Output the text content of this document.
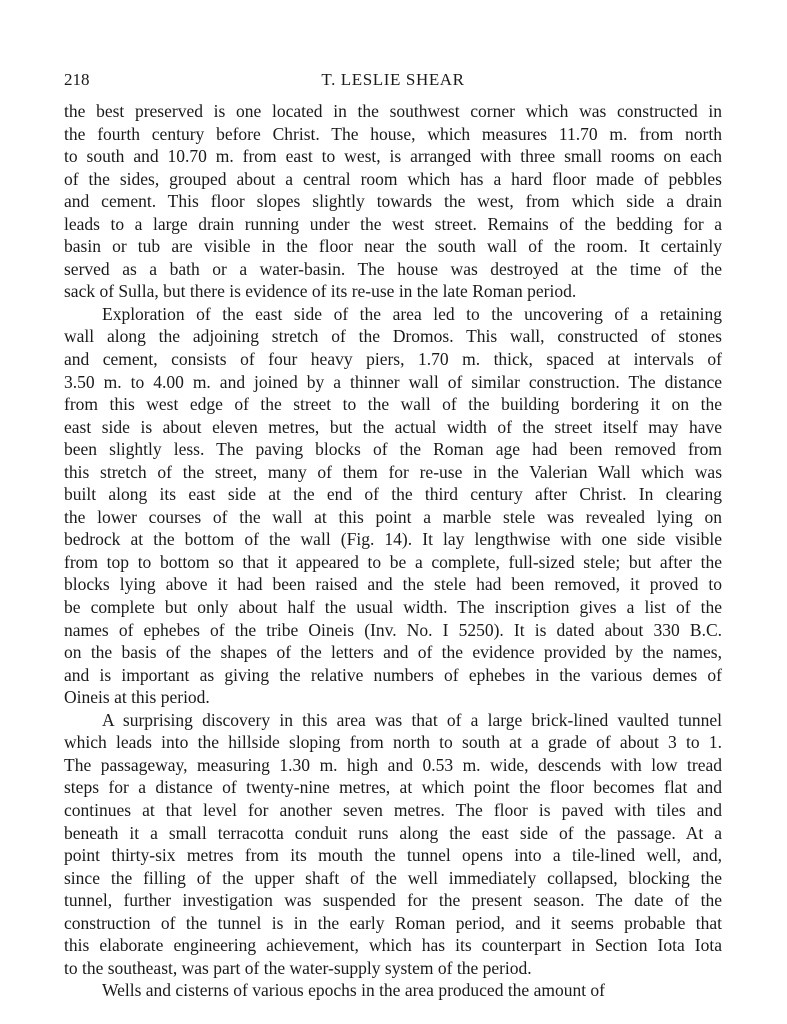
218	T. LESLIE SHEAR
the best preserved is one located in the southwest corner which was constructed in
the fourth century before Christ. The house, which measures 11.70 m. from north
to south and 10.70 m. from east to west, is arranged with three small rooms on each
of the sides, grouped about a central room which has a hard floor made of pebbles
and cement. This floor slopes slightly towards the west, from which side a drain
leads to a large drain running under the west street. Remains of the bedding for a
basin or tub are visible in the floor near the south wall of the room. It certainly
served as a bath or a water-basin. The house was destroyed at the time of the
sack of Sulla, but there is evidence of its re-use in the late Roman period.
Exploration of the east side of the area led to the uncovering of a retaining
wall along the adjoining stretch of the Dromos. This wall, constructed of stones
and cement, consists of four heavy piers, 1.70 m. thick, spaced at intervals of
3.50 m. to 4.00 m. and joined by a thinner wall of similar construction. The distance
from this west edge of the street to the wall of the building bordering it on the
east side is about eleven metres, but the actual width of the street itself may have
been slightly less. The paving blocks of the Roman age had been removed from
this stretch of the street, many of them for re-use in the Valerian Wall which was
built along its east side at the end of the third century after Christ. In clearing
the lower courses of the wall at this point a marble stele was revealed lying on
bedrock at the bottom of the wall (Fig. 14). It lay lengthwise with one side visible
from top to bottom so that it appeared to be a complete, full-sized stele; but after the
blocks lying above it had been raised and the stele had been removed, it proved to
be complete but only about half the usual width. The inscription gives a list of the
names of ephebes of the tribe Oineis (Inv. No. I 5250). It is dated about 330 B.C.
on the basis of the shapes of the letters and of the evidence provided by the names,
and is important as giving the relative numbers of ephebes in the various demes of
Oineis at this period.
A surprising discovery in this area was that of a large brick-lined vaulted tunnel
which leads into the hillside sloping from north to south at a grade of about 3 to 1.
The passageway, measuring 1.30 m. high and 0.53 m. wide, descends with low tread
steps for a distance of twenty-nine metres, at which point the floor becomes flat and
continues at that level for another seven metres. The floor is paved with tiles and
beneath it a small terracotta conduit runs along the east side of the passage. At a
point thirty-six metres from its mouth the tunnel opens into a tile-lined well, and,
since the filling of the upper shaft of the well immediately collapsed, blocking the
tunnel, further investigation was suspended for the present season. The date of the
construction of the tunnel is in the early Roman period, and it seems probable that
this elaborate engineering achievement, which has its counterpart in Section Iota Iota
to the southeast, was part of the water-supply system of the period.
Wells and cisterns of various epochs in the area produced the amount of
